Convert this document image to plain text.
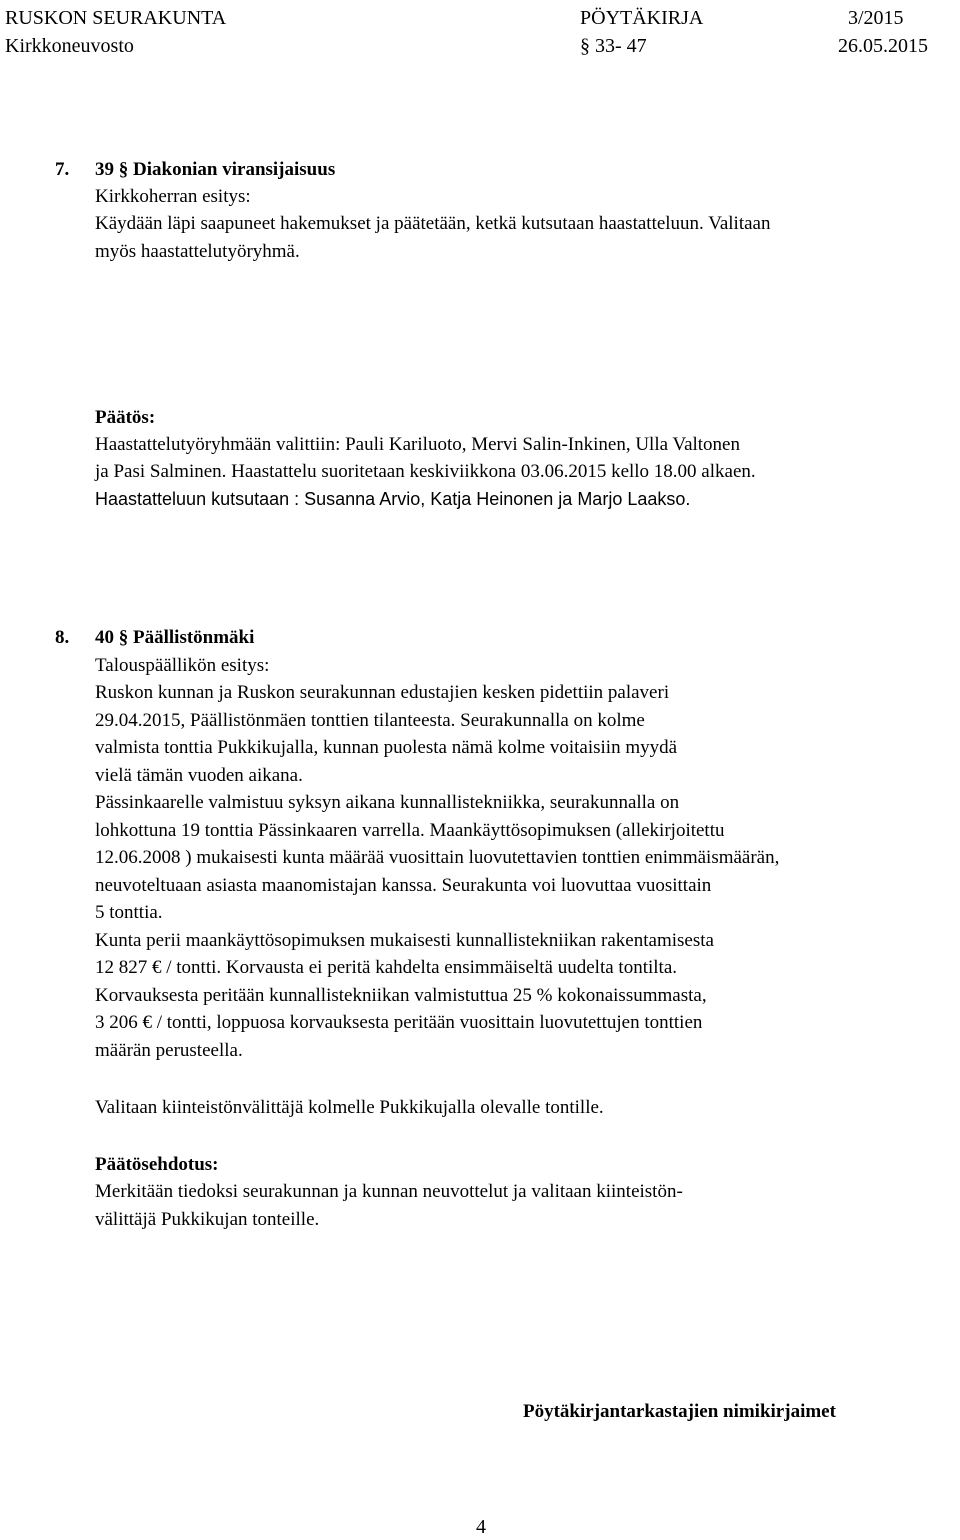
RUSKON SEURAKUNTA	PÖYTÄKIRJA	3/2015
Kirkkoneuvosto	§ 33- 47	26.05.2015
7. 39 § Diakonian viransijaisuus
Kirkkoherran esitys:
Käydään läpi saapuneet hakemukset ja päätetään, ketkä kutsutaan haastatteluun. Valitaan
myös haastattelutyöryhmä.
Päätös:
Haastattelutyöryhmään valittiin: Pauli Kariluoto, Mervi Salin-Inkinen, Ulla Valtonen
ja Pasi Salminen. Haastattelu suoritetaan keskiviikkona 03.06.2015 kello 18.00 alkaen.
Haastatteluun kutsutaan : Susanna Arvio, Katja Heinonen ja Marjo Laakso.
8. 40 § Päällistönmäki
Talouspäällikön esitys:
Ruskon kunnan ja Ruskon seurakunnan edustajien kesken pidettiin palaveri
29.04.2015, Päällistönmäen tonttien tilanteesta. Seurakunnalla on kolme
valmista tonttia Pukkikujalla, kunnan puolesta nämä kolme voitaisiin myydä
vielä tämän vuoden aikana.
Pässinkaarelle valmistuu syksyn aikana kunnallistekniikka, seurakunnalla on
lohkottuna 19 tonttia Pässinkaaren varrella. Maankäyttösopimuksen (allekirjoitettu
12.06.2008 ) mukaisesti kunta määrää vuosittain luovutettavien tonttien enimmäismäärän,
neuvoteltuaan asiasta maanomistajan kanssa. Seurakunta voi luovuttaa vuosittain
5 tonttia.
Kunta perii maankäyttösopimuksen mukaisesti kunnallistekniikan rakentamisesta
12 827 € / tontti. Korvausta ei peritä kahdelta ensimmäiseltä uudelta tontilta.
Korvauksesta peritään kunnallistekniikan valmistuttua 25 % kokonaissummasta,
3 206 € / tontti, loppuosa korvauksesta peritään vuosittain luovutettujen tonttien
määrän perusteella.
Valitaan kiinteistönvälittäjä kolmelle Pukkikujalla olevalle tontille.
Päätösehdotus:
Merkitään tiedoksi seurakunnan ja kunnan neuvottelut ja valitaan kiinteistön-
välittäjä Pukkikujan tonteille.
Pöytäkirjantarkastajien nimikirjaimet
4
